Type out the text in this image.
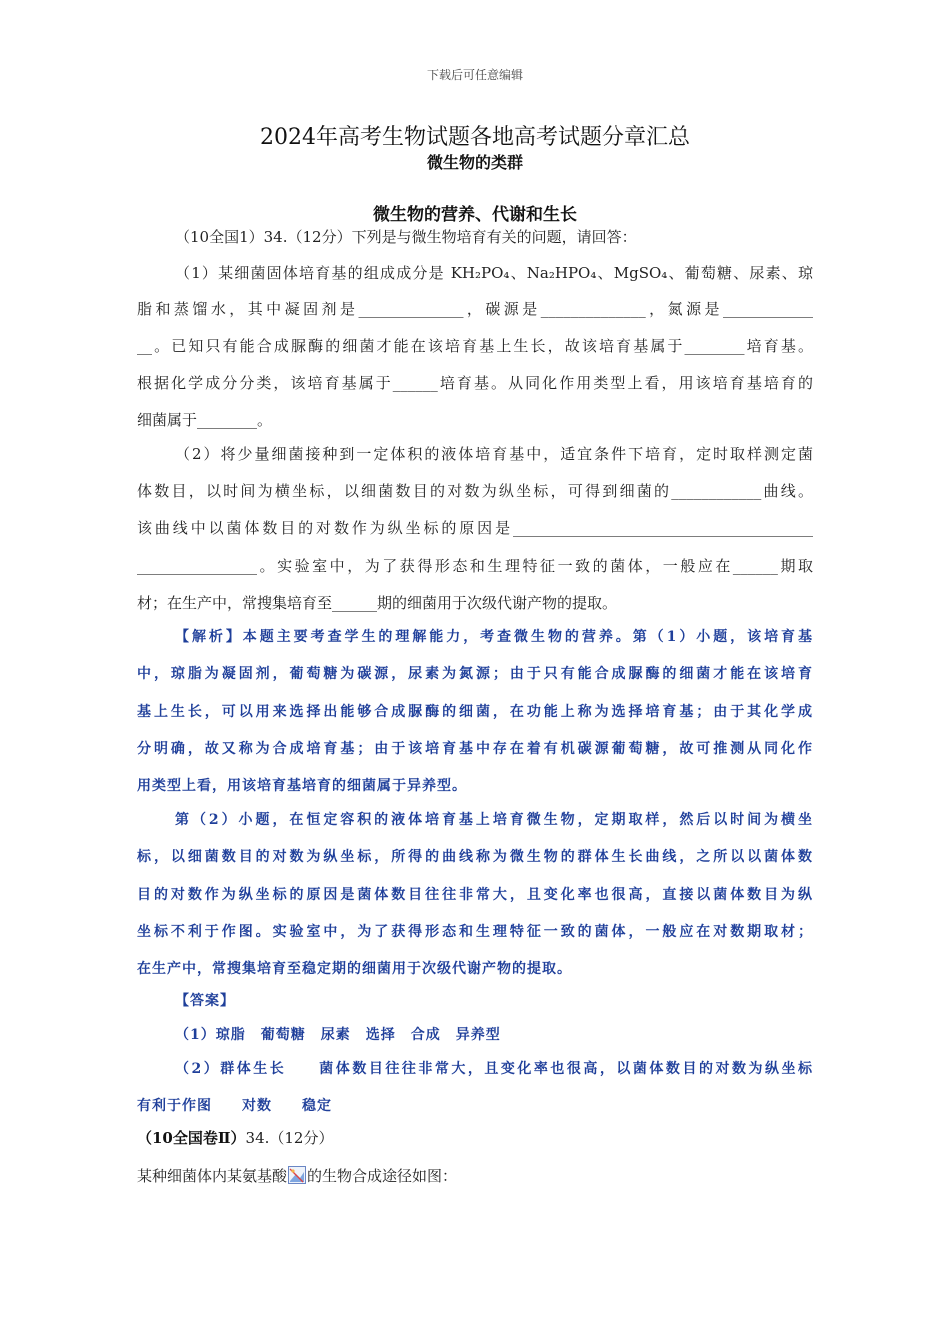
下载后可任意编辑
2024年高考生物试题各地高考试题分章汇总
微生物的类群
微生物的营养、代谢和生长
（10全国1）34.（12分）下列是与微生物培育有关的问题，请回答：
（1）某细菌固体培育基的组成成分是 KH₂PO₄、Na₂HPO₄、MgSO₄、葡萄糖、尿素、琼
脂和蒸馏水，其中凝固剂是______________，碳源是______________，氮源是____________
__。已知只有能合成脲酶的细菌才能在该培育基上生长，故该培育基属于________培育基。
根据化学成分分类，该培育基属于______培育基。从同化作用类型上看，用该培育基培育的
细菌属于________。
（2）将少量细菌接种到一定体积的液体培育基中，适宜条件下培育，定时取样测定菌
体数目，以时间为横坐标，以细菌数目的对数为纵坐标，可得到细菌的____________曲线。
该曲线中以菌体数目的对数作为纵坐标的原因是________________________________________
________________。实验室中，为了获得形态和生理特征一致的菌体，一般应在______期取
材；在生产中，常搜集培育至______期的细菌用于次级代谢产物的提取。
【解析】本题主要考查学生的理解能力，考查微生物的营养。第（1）小题，该培育基
中，琼脂为凝固剂，葡萄糖为碳源，尿素为氮源；由于只有能合成脲酶的细菌才能在该培育
基上生长，可以用来选择出能够合成脲酶的细菌，在功能上称为选择培育基；由于其化学成
分明确，故又称为合成培育基；由于该培育基中存在着有机碳源葡萄糖，故可推测从同化作
用类型上看，用该培育基培育的细菌属于异养型。
第（2）小题，在恒定容积的液体培育基上培育微生物，定期取样，然后以时间为横坐
标，以细菌数目的对数为纵坐标，所得的曲线称为微生物的群体生长曲线，之所以以菌体数
目的对数作为纵坐标的原因是菌体数目往往非常大，且变化率也很高，直接以菌体数目为纵
坐标不利于作图。实验室中，为了获得形态和生理特征一致的菌体，一般应在对数期取材；
在生产中，常搜集培育至稳定期的细菌用于次级代谢产物的提取。
【答案】
（1）琼脂　葡萄糖　尿素　选择　合成　异养型
（2）群体生长　　菌体数目往往非常大，且变化率也很高，以菌体数目的对数为纵坐标
有利于作图　　对数　　稳定
（10全国卷Ⅱ）34.（12分）
某种细菌体内某氨基酸 的生物合成途径如图：
